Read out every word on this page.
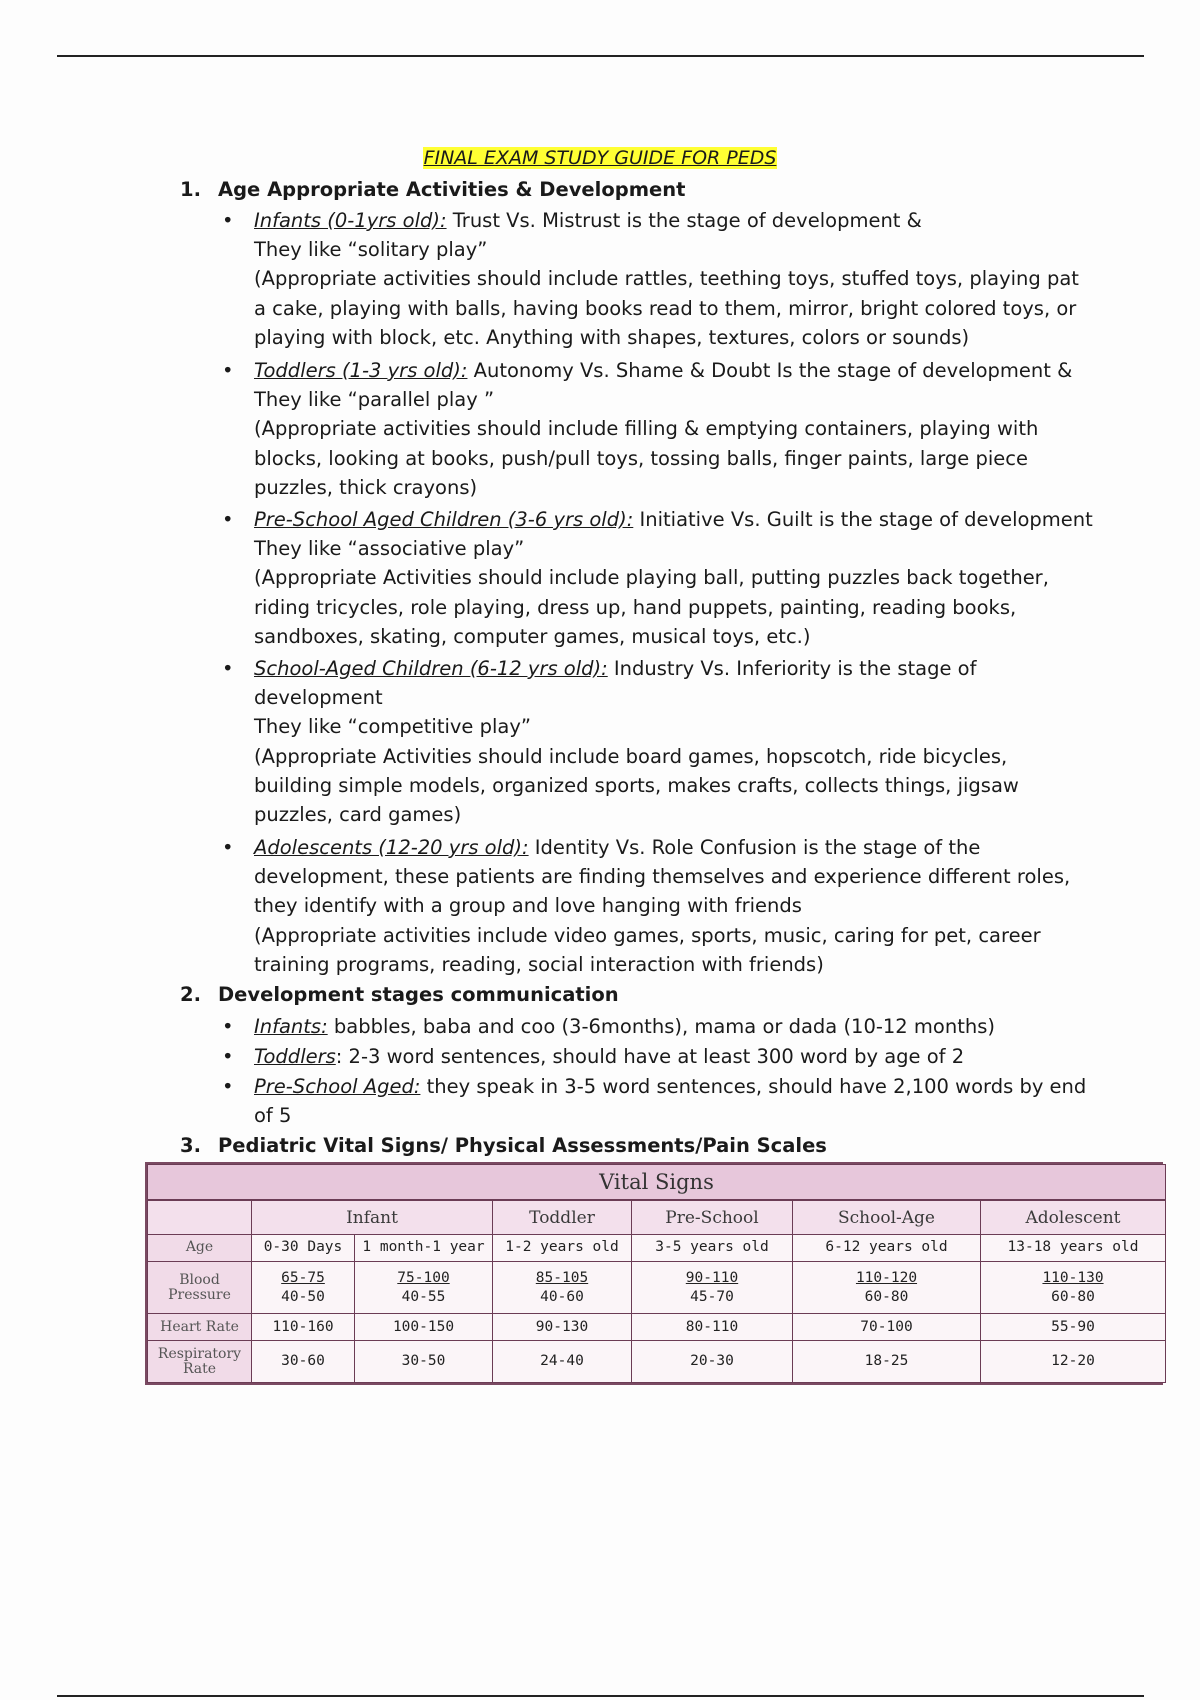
FINAL EXAM STUDY GUIDE FOR PEDS
1. Age Appropriate Activities & Development
• Infants (0-1yrs old): Trust Vs. Mistrust is the stage of development &
They like “solitary play”
(Appropriate activities should include rattles, teething toys, stuffed toys, playing pat
a cake, playing with balls, having books read to them, mirror, bright colored toys, or
playing with block, etc. Anything with shapes, textures, colors or sounds)
• Toddlers (1-3 yrs old): Autonomy Vs. Shame & Doubt Is the stage of development &
They like “parallel play ”
(Appropriate activities should include filling & emptying containers, playing with
blocks, looking at books, push/pull toys, tossing balls, finger paints, large piece
puzzles, thick crayons)
• Pre-School Aged Children (3-6 yrs old): Initiative Vs. Guilt is the stage of development
They like “associative play”
(Appropriate Activities should include playing ball, putting puzzles back together,
riding tricycles, role playing, dress up, hand puppets, painting, reading books,
sandboxes, skating, computer games, musical toys, etc.)
• School-Aged Children (6-12 yrs old): Industry Vs. Inferiority is the stage of
development
They like “competitive play”
(Appropriate Activities should include board games, hopscotch, ride bicycles,
building simple models, organized sports, makes crafts, collects things, jigsaw
puzzles, card games)
• Adolescents (12-20 yrs old): Identity Vs. Role Confusion is the stage of the
development, these patients are finding themselves and experience different roles,
they identify with a group and love hanging with friends
(Appropriate activities include video games, sports, music, caring for pet, career
training programs, reading, social interaction with friends)
2. Development stages communication
• Infants: babbles, baba and coo (3-6months), mama or dada (10-12 months)
• Toddlers: 2-3 word sentences, should have at least 300 word by age of 2
• Pre-School Aged: they speak in 3-5 word sentences, should have 2,100 words by end
of 5
3. Pediatric Vital Signs/ Physical Assessments/Pain Scales
Vital Signs						
	Infant		Toddler	Pre-School	School-Age	Adolescent
Age	0-30 Days	1 month-1 year	1-2 years old	3-5 years old	6-12 years old	13-18 years old
Blood Pressure	65-75
40-50	75-100
40-55	85-105
40-60	90-110
45-70	110-120
60-80	110-130
60-80

Heart Rate	110-160	100-150	90-130	80-110	70-100	55-90
Respiratory Rate	30-60	30-50	24-40	20-30	18-25	12-20
